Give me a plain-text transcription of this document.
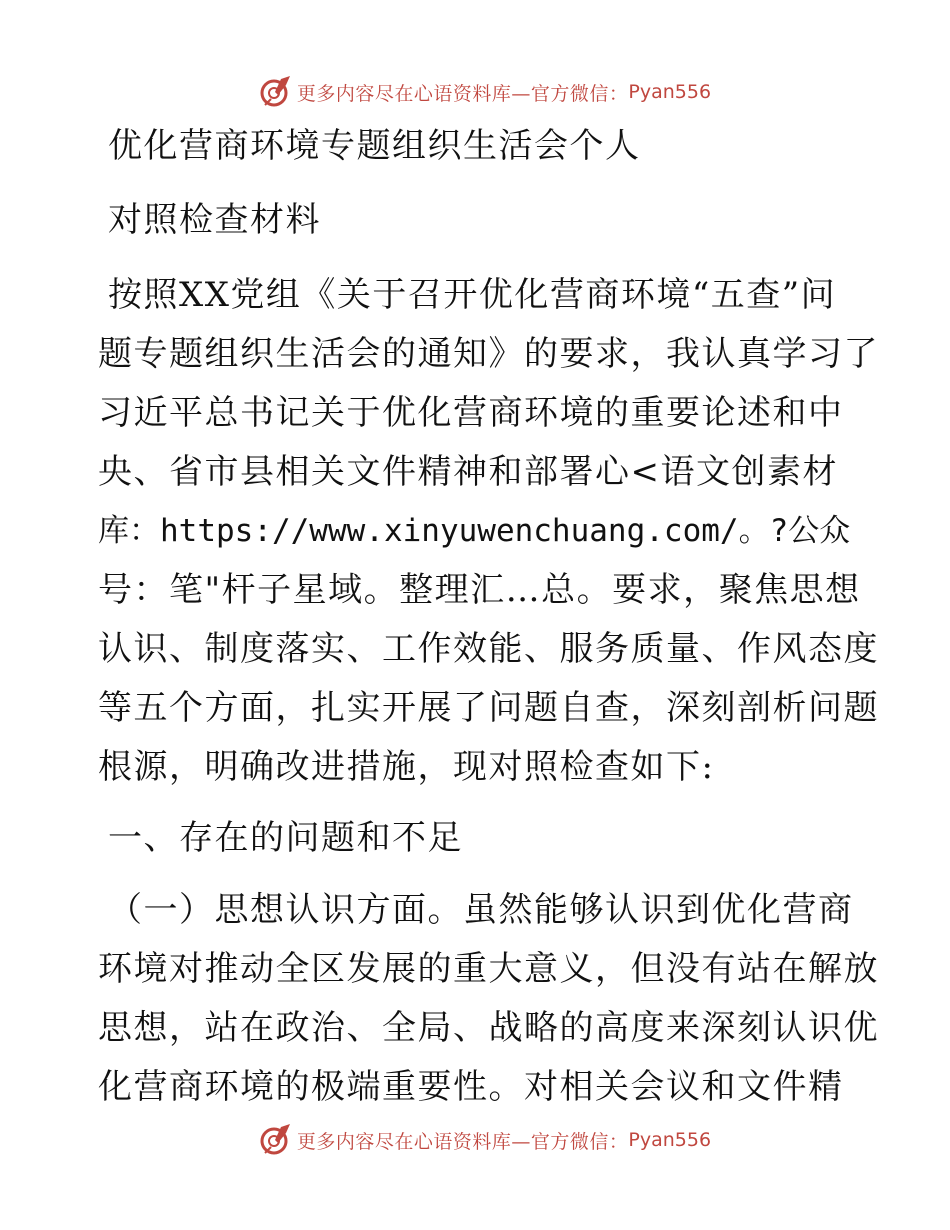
更多内容尽在心语资料库—官方微信： Pyan556
优化营商环境专题组织生活会个人
对照检查材料
按照XX党组《关于召开优化营商环境“五查”问
题专题组织生活会的通知》的要求，我认真学习了
习近平总书记关于优化营商环境的重要论述和中
央、省市县相关文件精神和部署心<语文创素材
库：https://www.xinyuwenchuang.com/。?公众
号：笔"杆子星域。整理汇…总。要求，聚焦思想
认识、制度落实、工作效能、服务质量、作风态度
等五个方面，扎实开展了问题自查，深刻剖析问题
根源，明确改进措施，现对照检查如下:
一、存在的问题和不足
（一）思想认识方面。虽然能够认识到优化营商
环境对推动全区发展的重大意义，但没有站在解放
思想，站在政治、全局、战略的高度来深刻认识优
化营商环境的极端重要性。对相关会议和文件精
更多内容尽在心语资料库—官方微信： Pyan556
